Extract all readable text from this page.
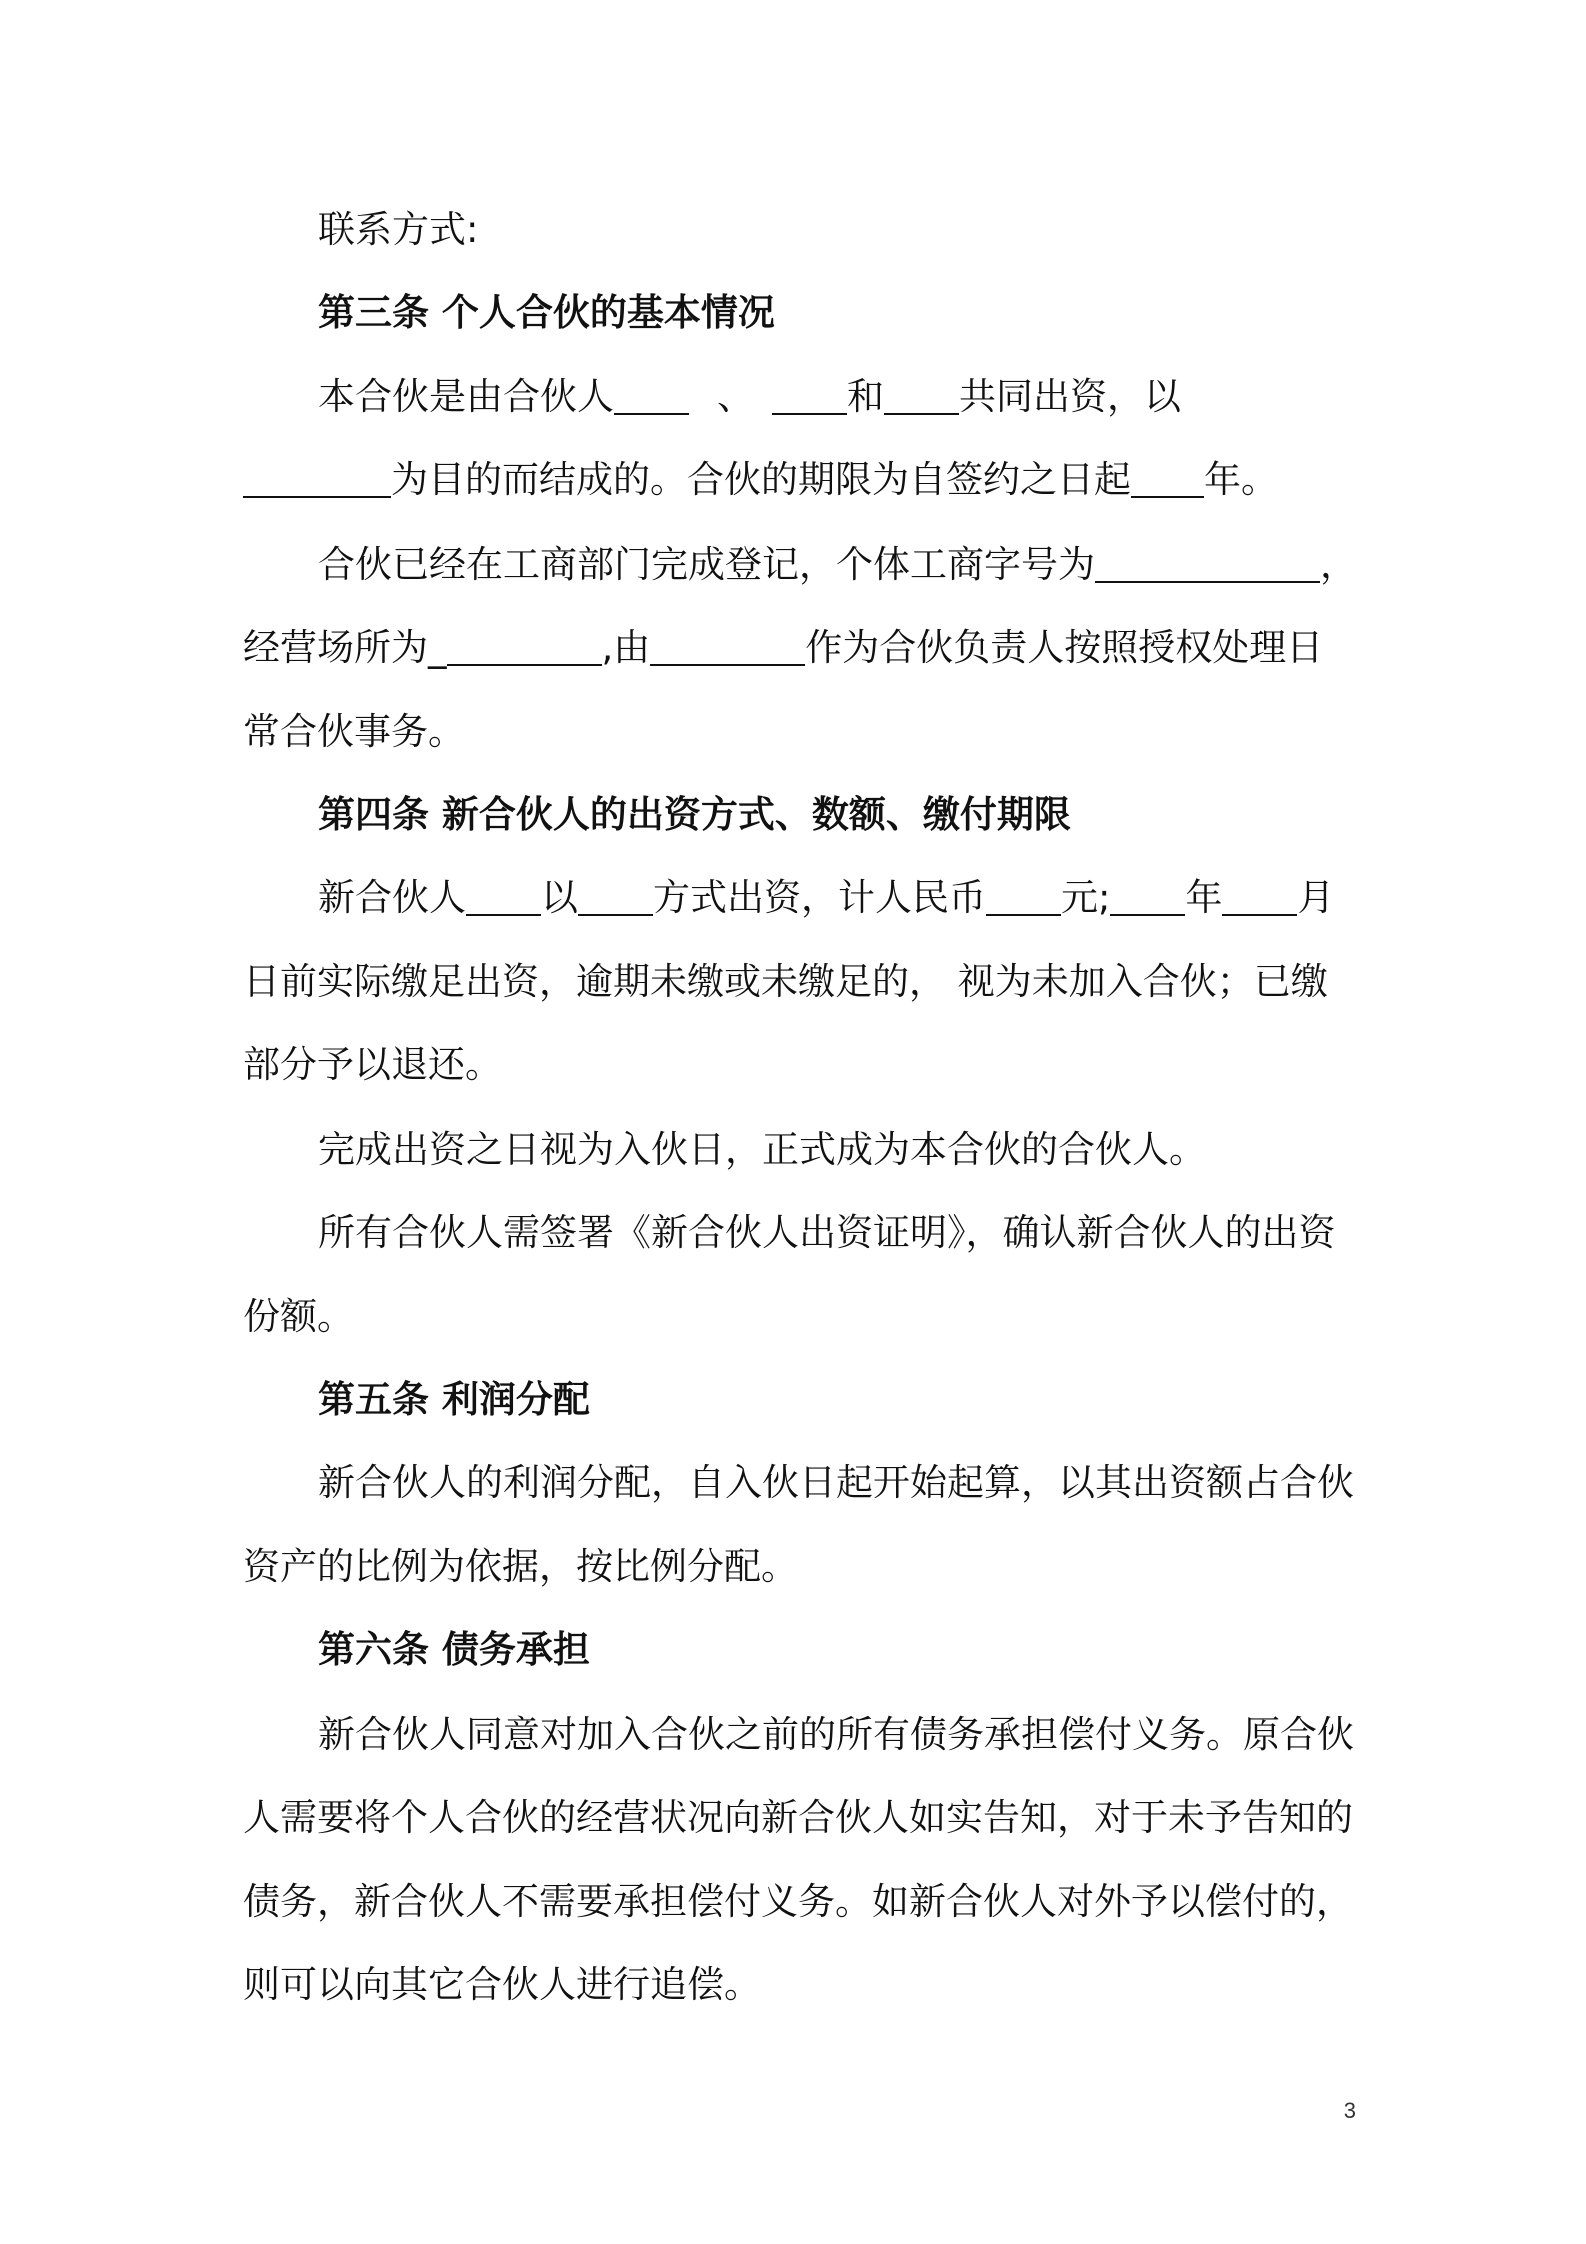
联系方式:
第三条 个人合伙的基本情况
本合伙是由合伙人	、	和 共同出资，以
为目的而结成的。合伙的期限为自签约之日起 年。
合伙已经在工商部门完成登记，个体工商字号为	，
经营场所为_	,由	作为合伙负责人按照授权处理日
常合伙事务。
第四条 新合伙人的出资方式、数额、缴付期限
新合伙人 以 方式出资，计人民币 元; 年 月
日前实际缴足出资，逾期未缴或未缴足的， 视为未加入合伙；已缴
部分予以退还。
完成出资之日视为入伙日，正式成为本合伙的合伙人。
所有合伙人需签署《新合伙人出资证明》，确认新合伙人的出资
份额。
第五条 利润分配
新合伙人的利润分配，自入伙日起开始起算，以其出资额占合伙
资产的比例为依据，按比例分配。
第六条 债务承担
新合伙人同意对加入合伙之前的所有债务承担偿付义务。原合伙
人需要将个人合伙的经营状况向新合伙人如实告知，对于未予告知的
债务，新合伙人不需要承担偿付义务。如新合伙人对外予以偿付的，
则可以向其它合伙人进行追偿。
3
